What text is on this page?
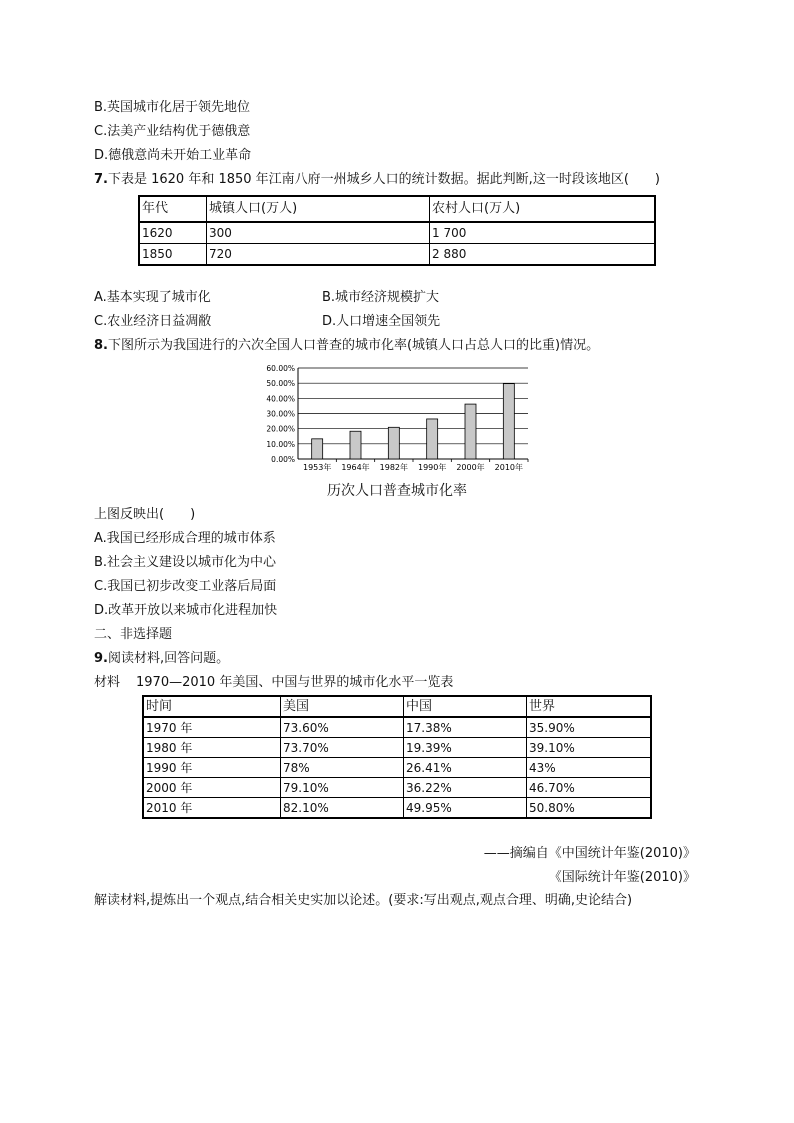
B.英国城市化居于领先地位
C.法美产业结构优于德俄意
D.德俄意尚未开始工业革命
7.下表是 1620 年和 1850 年江南八府一州城乡人口的统计数据。据此判断,这一时段该地区(　　)
年代	城镇人口(万人)	农村人口(万人)
1620	300	1 700
1850	720	2 880
A.基本实现了城市化	B.城市经济规模扩大
C.农业经济日益凋敝	D.人口增速全国领先
8.下图所示为我国进行的六次全国人口普查的城市化率(城镇人口占总人口的比重)情况。
0.00%
10.00%
20.00%
30.00%
40.00%
50.00%
60.00%
1953年 1964年 1982年 1990年 2000年 2010年
历次人口普查城市化率
上图反映出(　　)
A.我国已经形成合理的城市体系
B.社会主义建设以城市化为中心
C.我国已初步改变工业落后局面
D.改革开放以来城市化进程加快
二、非选择题
9.阅读材料,回答问题。
材料 1970—2010 年美国、中国与世界的城市化水平一览表
时间	美国	中国	世界
1970 年	73.60%	17.38%	35.90%
1980 年	73.70%	19.39%	39.10%
1990 年	78%	26.41%	43%
2000 年	79.10%	36.22%	46.70%
2010 年	82.10%	49.95%	50.80%
——摘编自《中国统计年鉴(2010)》
《国际统计年鉴(2010)》
解读材料,提炼出一个观点,结合相关史实加以论述。(要求:写出观点,观点合理、明确,史论结合)
